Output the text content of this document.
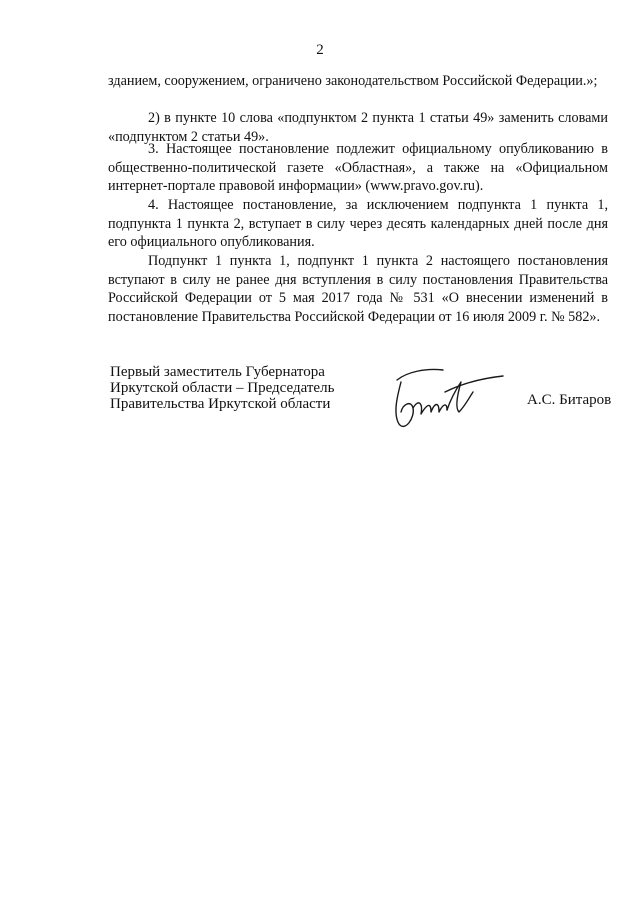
2
зданием, сооружением, ограничено законодательством Российской Федерации.»;
2) в пункте 10 слова «подпунктом 2 пункта 1 статьи 49» заменить словами «подпунктом 2 статьи 49».
3. Настоящее постановление подлежит официальному опубликованию в общественно-политической газете «Областная», а также на «Официальном интернет-портале правовой информации» (www.pravo.gov.ru).
4. Настоящее постановление, за исключением подпункта 1 пункта 1, подпункта 1 пункта 2, вступает в силу через десять календарных дней после дня его официального опубликования.
Подпункт 1 пункта 1, подпункт 1 пункта 2 настоящего постановления вступают в силу не ранее дня вступления в силу постановления Правительства Российской Федерации от 5 мая 2017 года № 531 «О внесении изменений в постановление Правительства Российской Федерации от 16 июля 2009 г. № 582».
Первый заместитель Губернатора
Иркутской области – Председатель
Правительства Иркутской области	А.С. Битаров
